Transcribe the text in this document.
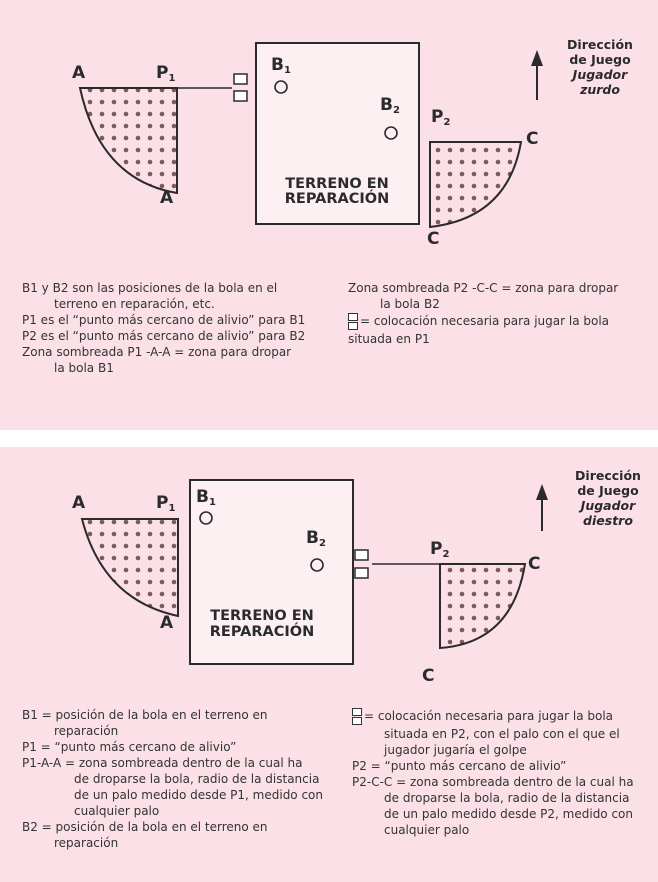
A	P1
B1
B2 P2
A
C
C
TERRENO EN
REPARACIÓN
A	P1
B1
B2	P2
A
C
C
TERRENO EN
REPARACIÓN
Dirección
de Juego
Jugador
zurdo
Dirección
de Juego
Jugador
diestro
B1 y B2 son las posiciones de la bola en el
terreno en reparación, etc.
P1 es el “punto más cercano de alivio” para B1
P2 es el “punto más cercano de alivio” para B2
Zona sombreada P1 -A-A = zona para dropar
la bola B1
Zona sombreada P2 -C-C = zona para dropar
la bola B2
= colocación necesaria para jugar la bola
situada en P1
B1 = posición de la bola en el terreno en
reparación
P1 = “punto más cercano de alivio”
P1-A-A = zona sombreada dentro de la cual ha
de droparse la bola, radio de la distancia
de un palo medido desde P1, medido con
cualquier palo
B2 = posición de la bola en el terreno en
reparación
= colocación necesaria para jugar la bola
situada en P2, con el palo con el que el
jugador jugaría el golpe
P2 = “punto más cercano de alivio”
P2-C-C = zona sombreada dentro de la cual ha
de droparse la bola, radio de la distancia
de un palo medido desde P2, medido con
cualquier palo
